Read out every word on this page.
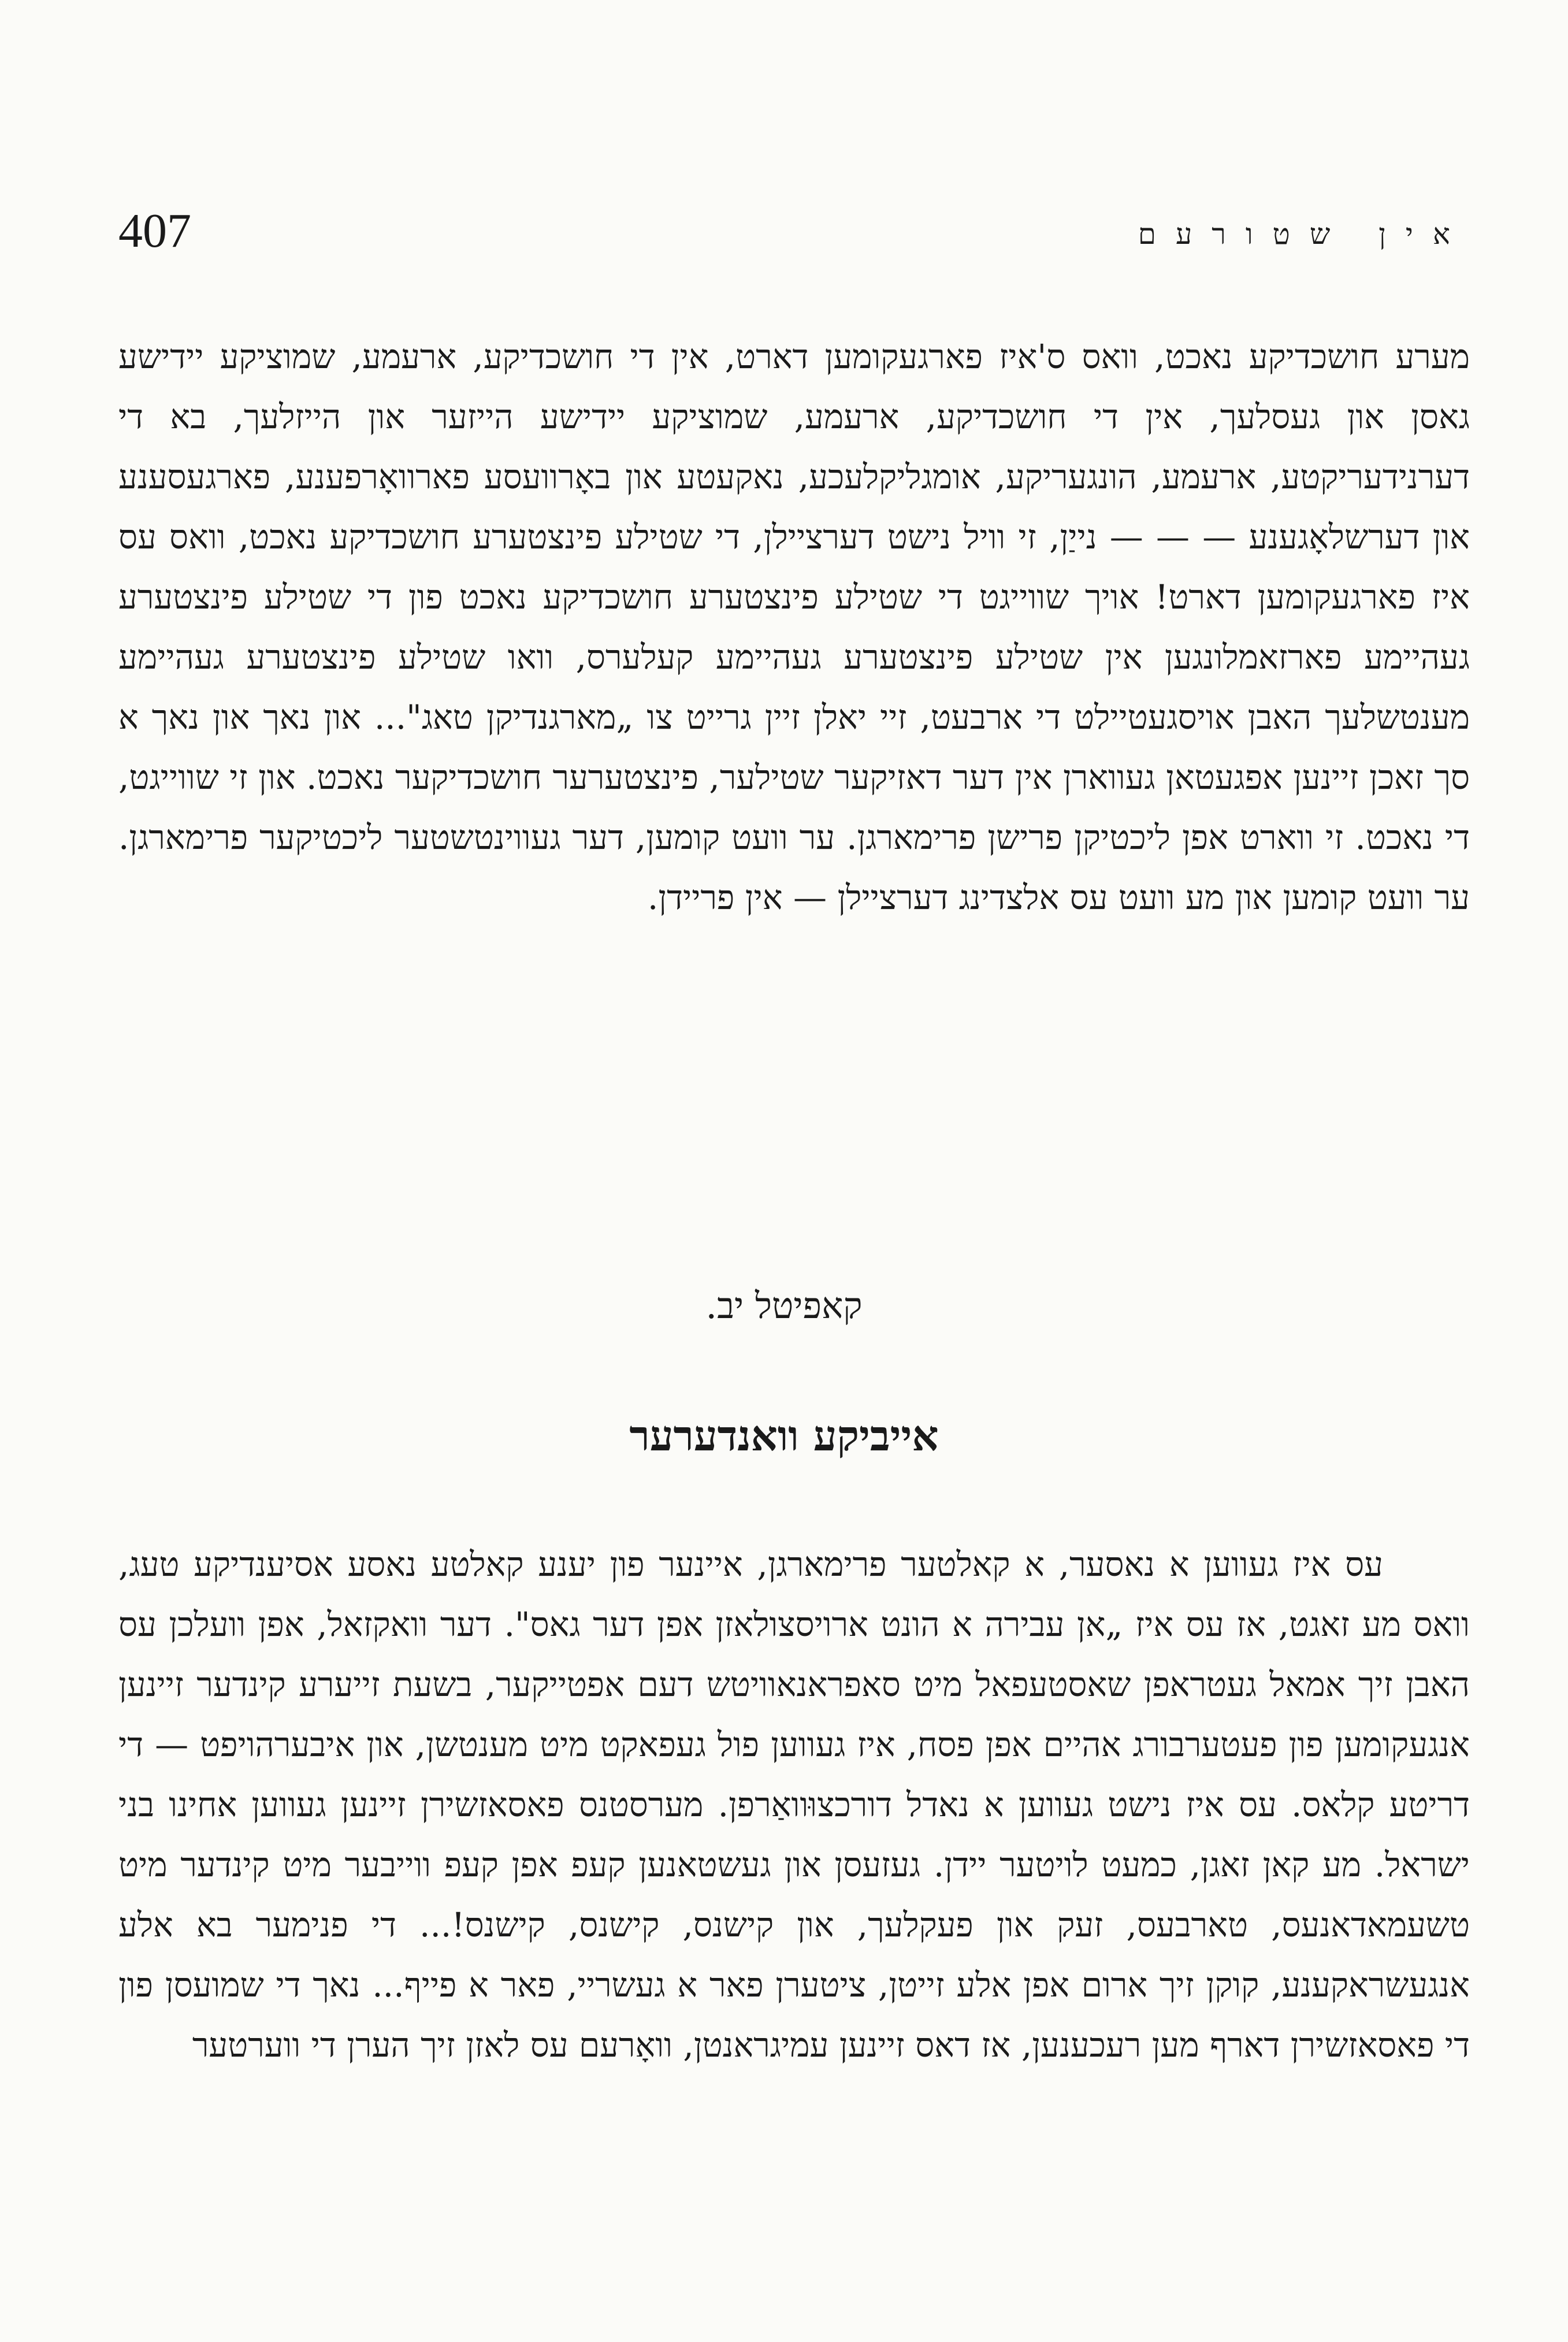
407	אין שטורעם

מערע חושכדיקע נאכט, וואס ס'איז פארגעקומען דארט, אין די חושכדיקע, ארעמע, שמוציקע יידישע גאסן און געסלעך, אין די חושכדיקע, ארעמע, שמוציקע יידישע הייזער און הייזלעך, בא די דערנידעריקטע, ארעמע, הונגעריקע, אומגליקלעכע, נאקעטע און באָרוועסע פארוואָרפענע, פארגעסענע און דערשלאָגענע — — — נייַן, זי וויל נישט דערציילן, די שטילע פינצטערע חושכדיקע נאכט, וואס עס איז פארגעקומען דארט! אויך שווייגט די שטילע פינצטערע חושכדיקע נאכט פון די שטילע פינצטערע געהיימע פארזאמלונגען אין שטילע פינצטערע געהיימע קעלערס, וואו שטילע פינצטערע געהיימע מענטשלעך האבן אויסגעטיילט די ארבעט, זיי יאלן זיין גרייט צו „מארגנדיקן טאג"... און נאך און נאך א סך זאכן זיינען אפגעטאן געווארן אין דער דאזיקער שטילער, פינצטערער חושכדיקער נאכט. און זי שווייגט, די נאכט. זי ווארט אפן ליכטיקן פרישן פרימארגן. ער וועט קומען, דער געווינטשטער ליכטיקער פרימארגן. ער וועט קומען און מע וועט עס אלצדינג דערציילן — אין פריידן.

קאפיטל יב.
אייביקע וואנדערער

עס איז געווען א נאסער, א קאלטער פרימארגן, איינער פון יענע קאלטע נאסע אסיענדיקע טעג, וואס מע זאגט, אז עס איז „אן עבירה א הונט ארויסצולאזן אפן דער גאס". דער וואקזאל, אפן וועלכן עס האבן זיך אמאל געטראפן שאסטעפאל מיט סאפראנאוויטש דעם אפטייקער, בשעת זייערע קינדער זיינען אנגעקומען פון פעטערבורג אהיים אפן פסח, איז געווען פול געפאקט מיט מענטשן, און איבערהויפט — די דריטע קלאס. עס איז נישט געווען א נאדל דורכצוּוואַרפן. מערסטנס פאסאזשירן זיינען געווען אחינו בני ישראל. מע קאן זאגן, כמעט לויטער יידן. געזעסן און געשטאנען קעפ אפן קעפ ווייבער מיט קינדער מיט טשעמאדאנעס, טארבעס, זעק און פעקלעך, און קישנס, קישנס, קישנס!... די פנימער בא אלע אנגעשראקענע, קוקן זיך ארום אפן אלע זייטן, ציטערן פאר א געשריי, פאר א פייף... נאך די שמועסן פון די פאסאזשירן דארף מען רעכענען, אז דאס זיינען עמיגראנטן, וואָרעם עס לאזן זיך הערן די ווערטער
